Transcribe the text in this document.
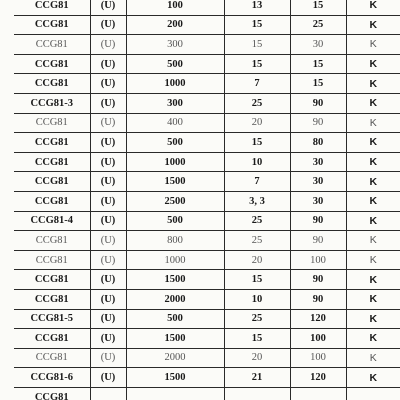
CCG81	(U)	100	13	15	K
CCG81	(U)	200	15	25	K
CCG81	(U)	300	15	30	K
CCG81	(U)	500	15	15	K
CCG81	(U)	1000	7	15	K
CCG81-3	(U)	300	25	90	K
CCG81	(U)	400	20	90	K
CCG81	(U)	500	15	80	K
CCG81	(U)	1000	10	30	K
CCG81	(U)	1500	7	30	K
CCG81	(U)	2500	3, 3	30	K
CCG81-4	(U)	500	25	90	K
CCG81	(U)	800	25	90	K
CCG81	(U)	1000	20	100	K
CCG81	(U)	1500	15	90	K
CCG81	(U)	2000	10	90	K
CCG81-5	(U)	500	25	120	K
CCG81	(U)	1500	15	100	K
CCG81	(U)	2000	20	100	K
CCG81-6	(U)	1500	21	120	K
CCG81					
